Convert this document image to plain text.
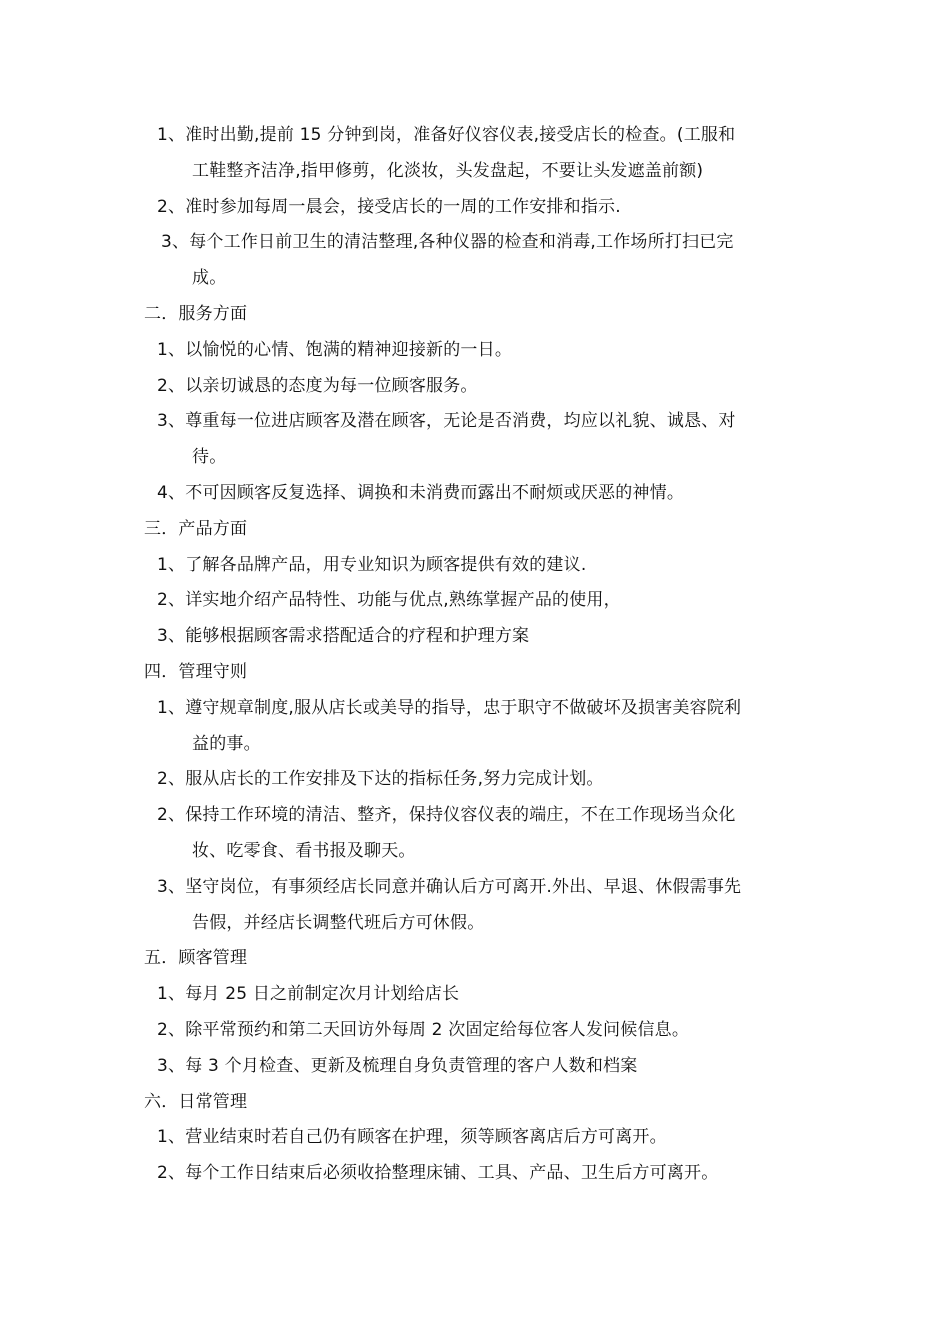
1、准时出勤,提前 15 分钟到岗，准备好仪容仪表,接受店长的检查。(工服和
工鞋整齐洁净,指甲修剪，化淡妆，头发盘起，不要让头发遮盖前额)
2、准时参加每周一晨会，接受店长的一周的工作安排和指示.
3、每个工作日前卫生的清洁整理,各种仪器的检查和消毒,工作场所打扫已完
成。
二．服务方面
1、以愉悦的心情、饱满的精神迎接新的一日。
2、以亲切诚恳的态度为每一位顾客服务。
3、尊重每一位进店顾客及潜在顾客，无论是否消费，均应以礼貌、诚恳、对
待。
4、不可因顾客反复选择、调换和未消费而露出不耐烦或厌恶的神情。
三．产品方面
1、了解各品牌产品，用专业知识为顾客提供有效的建议.
2、详实地介绍产品特性、功能与优点,熟练掌握产品的使用，
3、能够根据顾客需求搭配适合的疗程和护理方案
四．管理守则
1、遵守规章制度,服从店长或美导的指导，忠于职守不做破坏及损害美容院利
益的事。
2、服从店长的工作安排及下达的指标任务,努力完成计划。
2、保持工作环境的清洁、整齐，保持仪容仪表的端庄，不在工作现场当众化
妆、吃零食、看书报及聊天。
3、坚守岗位，有事须经店长同意并确认后方可离开.外出、早退、休假需事先
告假，并经店长调整代班后方可休假。
五．顾客管理
1、每月 25 日之前制定次月计划给店长
2、除平常预约和第二天回访外每周 2 次固定给每位客人发问候信息。
3、每 3 个月检查、更新及梳理自身负责管理的客户人数和档案
六．日常管理
1、营业结束时若自己仍有顾客在护理，须等顾客离店后方可离开。
2、每个工作日结束后必须收拾整理床铺、工具、产品、卫生后方可离开。
